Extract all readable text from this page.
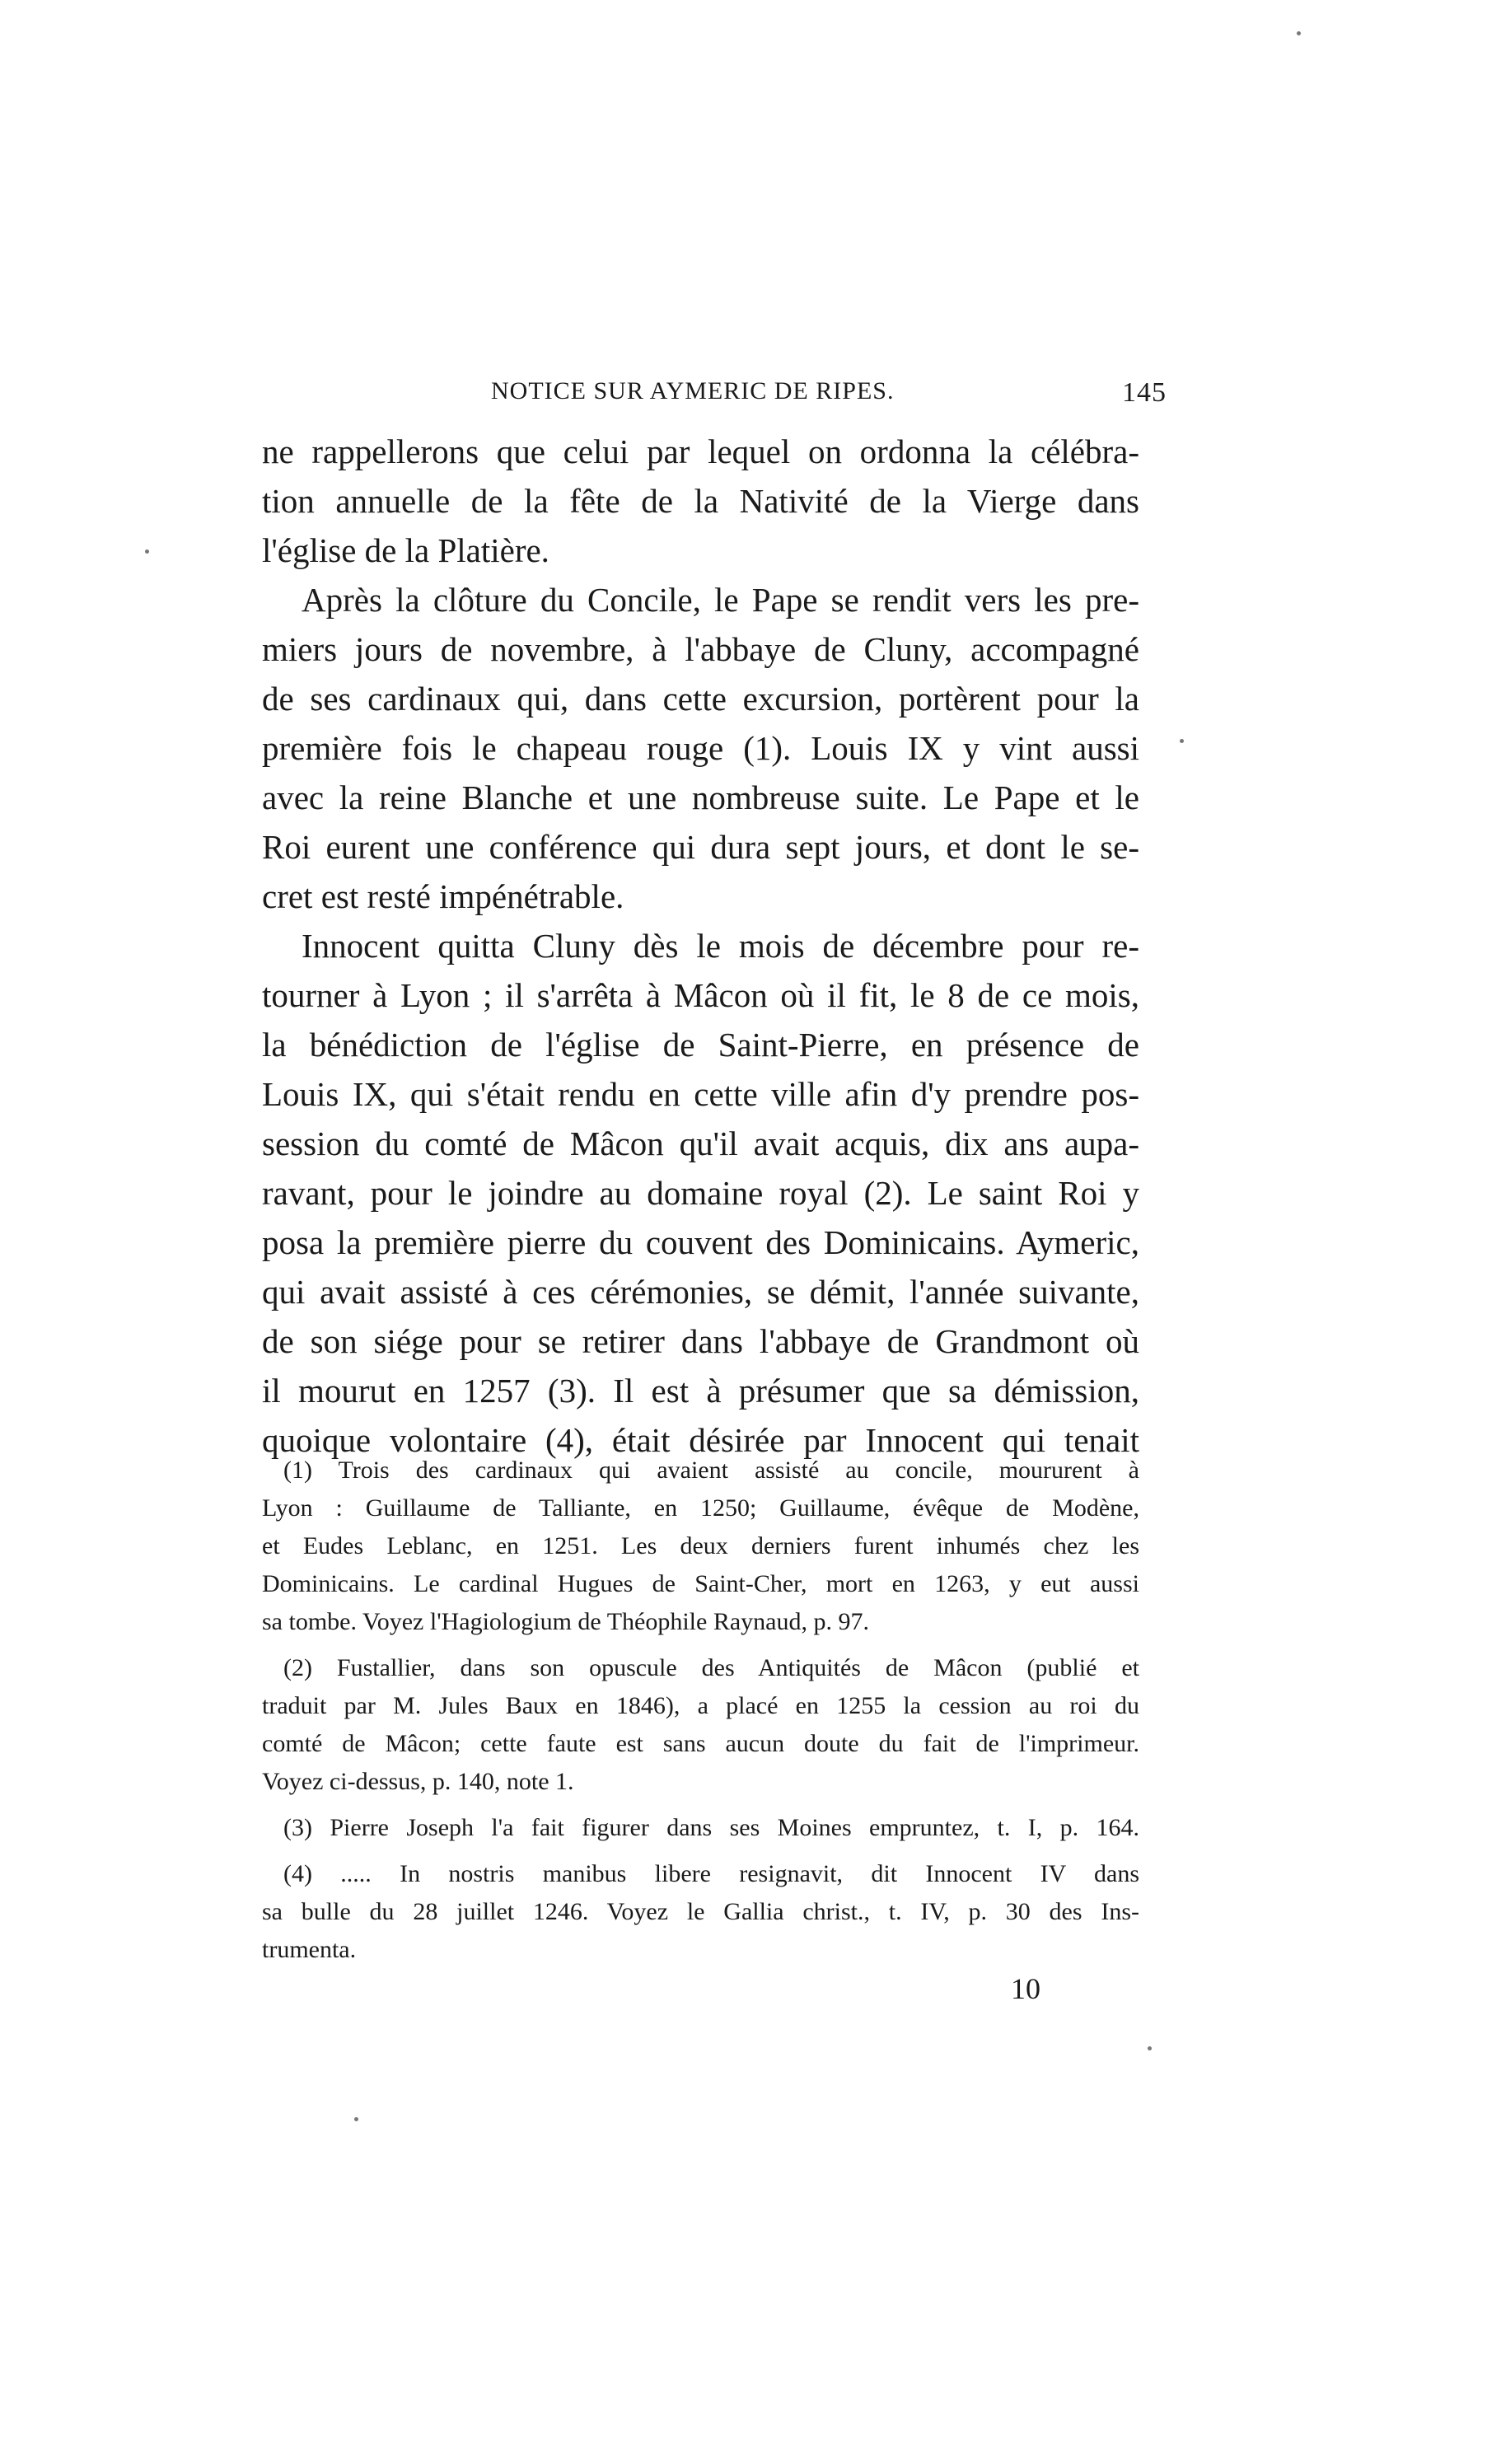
NOTICE SUR AYMERIC DE RIPES.	145
ne rappellerons que celui par lequel on ordonna la célébra-
tion annuelle de la fête de la Nativité de la Vierge dans
l'église de la Platière.
Après la clôture du Concile, le Pape se rendit vers les pre-
miers jours de novembre, à l'abbaye de Cluny, accompagné
de ses cardinaux qui, dans cette excursion, portèrent pour la
première fois le chapeau rouge (1). Louis IX y vint aussi
avec la reine Blanche et une nombreuse suite. Le Pape et le
Roi eurent une conférence qui dura sept jours, et dont le se-
cret est resté impénétrable.
Innocent quitta Cluny dès le mois de décembre pour re-
tourner à Lyon ; il s'arrêta à Mâcon où il fit, le 8 de ce mois,
la bénédiction de l'église de Saint-Pierre, en présence de
Louis IX, qui s'était rendu en cette ville afin d'y prendre pos-
session du comté de Mâcon qu'il avait acquis, dix ans aupa-
ravant, pour le joindre au domaine royal (2). Le saint Roi y
posa la première pierre du couvent des Dominicains. Aymeric,
qui avait assisté à ces cérémonies, se démit, l'année suivante,
de son siége pour se retirer dans l'abbaye de Grandmont où
il mourut en 1257 (3). Il est à présumer que sa démission,
quoique volontaire (4), était désirée par Innocent qui tenait
(1) Trois des cardinaux qui avaient assisté au concile, moururent à
Lyon : Guillaume de Talliante, en 1250; Guillaume, évêque de Modène,
et Eudes Leblanc, en 1251. Les deux derniers furent inhumés chez les
Dominicains. Le cardinal Hugues de Saint-Cher, mort en 1263, y eut aussi
sa tombe. Voyez l'Hagiologium de Théophile Raynaud, p. 97.
(2) Fustallier, dans son opuscule des Antiquités de Mâcon (publié et
traduit par M. Jules Baux en 1846), a placé en 1255 la cession au roi du
comté de Mâcon; cette faute est sans aucun doute du fait de l'imprimeur.
Voyez ci-dessus, p. 140, note 1.
(3) Pierre Joseph l'a fait figurer dans ses Moines empruntez, t. I, p. 164.
(4) ..... In nostris manibus libere resignavit, dit Innocent IV dans
sa bulle du 28 juillet 1246. Voyez le Gallia christ., t. IV, p. 30 des Ins-
trumenta.
10
